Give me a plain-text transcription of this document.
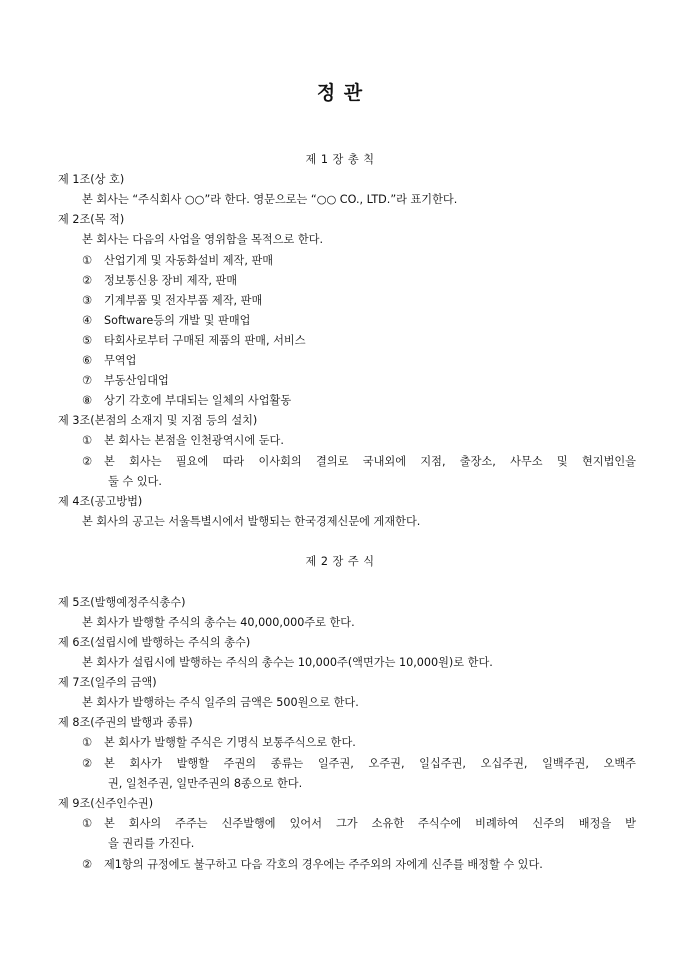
정 관
제 1 장 총 칙
제 1조(상 호)
본 회사는 “주식회사 ○○”라 한다. 영문으로는 “○○ CO., LTD.”라 표기한다.
제 2조(목 적)
본 회사는 다음의 사업을 영위함을 목적으로 한다.
① 산업기계 및 자동화설비 제작, 판매
② 정보통신용 장비 제작, 판매
③ 기계부품 및 전자부품 제작, 판매
④ Software등의 개발 및 판매업
⑤ 타회사로부터 구매된 제품의 판매, 서비스
⑥ 무역업
⑦ 부동산임대업
⑧ 상기 각호에 부대되는 일체의 사업활동
제 3조(본점의 소재지 및 지점 등의 설치)
① 본 회사는 본점을 인천광역시에 둔다.
② 본 회사는 필요에 따라 이사회의 결의로 국내외에 지점, 출장소, 사무소 및 현지법인을
둘 수 있다.
제 4조(공고방법)
본 회사의 공고는 서울특별시에서 발행되는 한국경제신문에 게재한다.
제 2 장 주 식
제 5조(발행예정주식총수)
본 회사가 발행할 주식의 총수는 40,000,000주로 한다.
제 6조(설립시에 발행하는 주식의 총수)
본 회사가 설립시에 발행하는 주식의 총수는 10,000주(액면가는 10,000원)로 한다.
제 7조(일주의 금액)
본 회사가 발행하는 주식 일주의 금액은 500원으로 한다.
제 8조(주권의 발행과 종류)
① 본 회사가 발행할 주식은 기명식 보통주식으로 한다.
② 본 회사가 발행할 주권의 종류는 일주권, 오주권, 일십주권, 오십주권, 일백주권, 오백주
권, 일천주권, 일만주권의 8종으로 한다.
제 9조(신주인수권)
① 본 회사의 주주는 신주발행에 있어서 그가 소유한 주식수에 비례하여 신주의 배정을 받
을 권리를 가진다.
② 제1항의 규정에도 불구하고 다음 각호의 경우에는 주주외의 자에게 신주를 배정할 수 있다.
